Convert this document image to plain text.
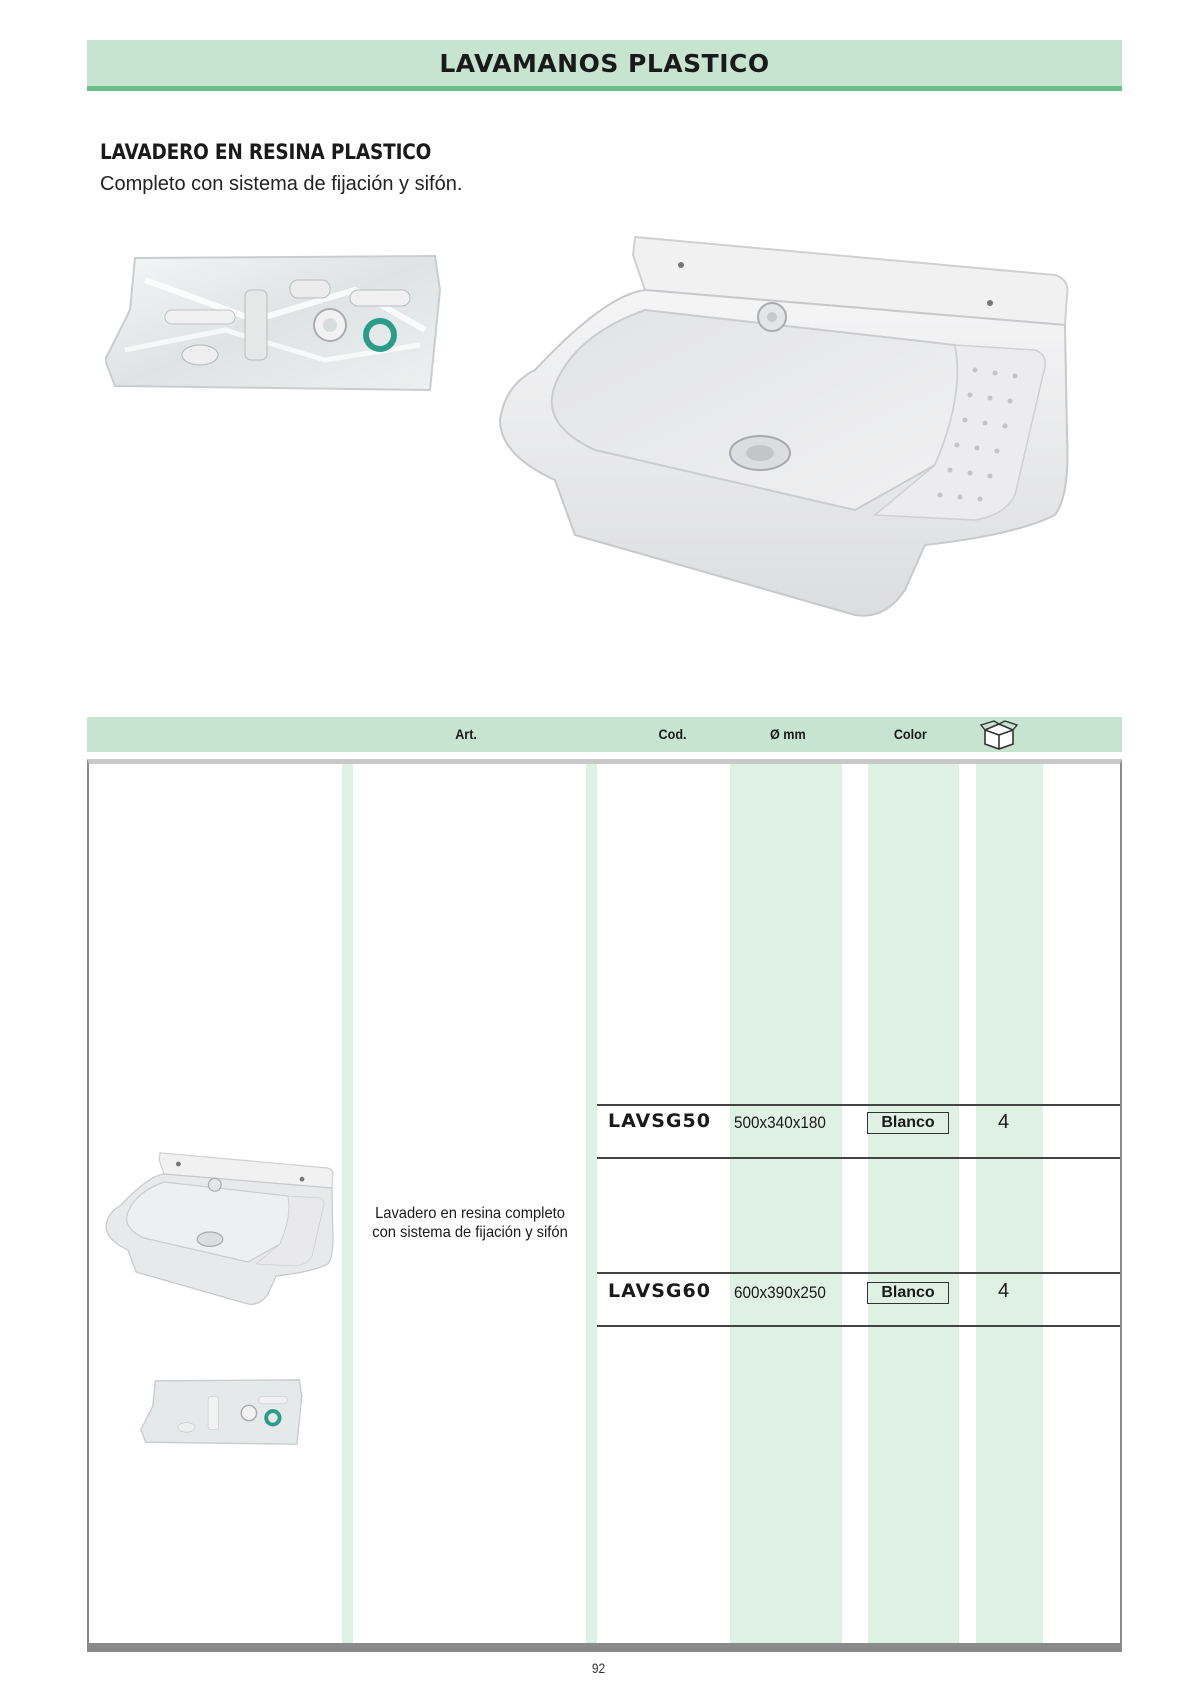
LAVAMANOS PLASTICO
LAVADERO EN RESINA PLASTICO
Completo con sistema de fijación y sifón.
Art.	Cod.	Ø mm	Color
Lavadero en resina completo con sistema de fijación y sifón
LAVSG50 500x340x180	Blanco	4
LAVSG60 600x390x250	Blanco	4
92
